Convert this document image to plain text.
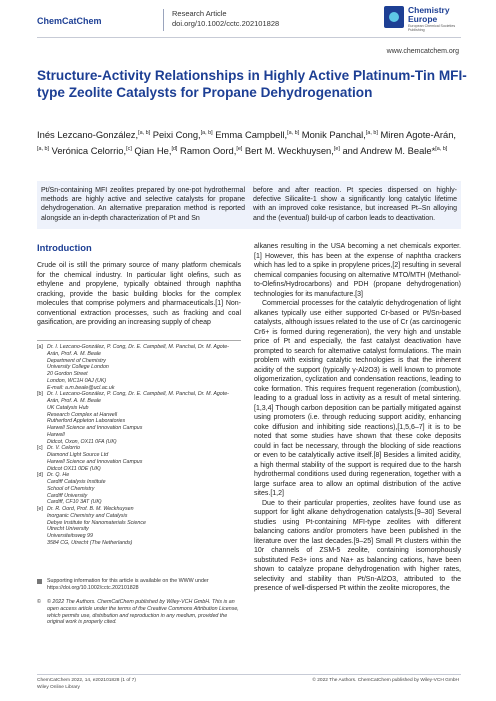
ChemCatChem
Research Article
doi.org/10.1002/cctc.202101828
Chemistry
Europe
European Chemical Societies Publishing
www.chemcatchem.org
Structure-Activity Relationships in Highly Active Platinum-Tin MFI-type Zeolite Catalysts for Propane Dehydrogenation
Inés Lezcano-González,[a, b] Peixi Cong,[a, b] Emma Campbell,[a, b] Monik Panchal,[a, b] Miren Agote-Arán,[a, b] Verónica Celorrio,[c] Qian He,[d] Ramon Oord,[e] Bert M. Weckhuysen,[e] and Andrew M. Beale*[a, b]
Pt/Sn-containing MFI zeolites prepared by one-pot hydrothermal methods are highly active and selective catalysts for propane dehydrogenation. An alternative preparation method is reported alongside an in-depth characterization of Pt and Sn
before and after reaction. Pt species dispersed on highly-defective Silicalite-1 show a significantly long catalytic lifetime with an improved coke resistance, but increased Pt–Sn alloying and the (eventual) build-up of carbon leads to deactivation.
Introduction

Crude oil is still the primary source of many platform chemicals for the chemical industry. In particular light olefins, such as ethylene and propylene, typically obtained through naphtha cracking, provide the basic building blocks for the complex molecules that comprise polymers and pharmaceuticals.[1] Non-conventional extraction processes, such as fracking and coal gasification, are providing an increasing supply of cheap

alkanes resulting in the USA becoming a net chemicals exporter.[1] However, this has been at the expense of naphtha crackers which has led to a spike in propylene prices,[2] resulting in several chemical companies focusing on alternative MTO/MTH (Methanol-to-Olefins/Hydrocarbons) and PDH (propane dehydrogenation) technologies for its manufacture.[3]

Commercial processes for the catalytic dehydrogenation of light alkanes typically use either supported Cr-based or Pt/Sn-based catalysts, although issues related to the use of Cr (as carcinogenic Cr6+ is formed during regeneration), the very high and unstable price of Pt and especially, the fast catalyst deactivation have prompted to search for alternative catalyst formulations. The main problem with existing catalytic technologies is that the inherent acidity of the support (typically γ-Al2O3) is well known to promote oligomerization, cyclization and condensation reactions, leading to coke formation. This requires frequent regeneration (combustion), leading to a gradual loss in activity as a result of metal sintering.[1,3,4] Though carbon deposition can be partially mitigated against using promoters (i.e. through reducing support acidity, enhancing coke diffusion and inhibiting side reactions),[1,5,6–7] it is to be noted that some studies have shown that these coke deposits could in fact be necessary, through the blocking of side reactions or even to be catalytically active itself.[8] Besides a limited acidity, a high thermal stability of the support is required due to the harsh hydrothermal conditions used during regeneration, together with a large surface area to allow an optimal distribution of the active sites.[1,2]

Due to their particular properties, zeolites have found use as support for light alkane dehydrogenation catalysts.[9–30] Several studies using Pt-containing MFI-type zeolites with different balancing cations and/or promoters have been published in the literature over the last decades.[9–25] Small Pt clusters within the 10r channels of ZSM-5 zeolite, containing isomorphously substituted Fe3+ ions and Na+ as balancing cations, have been shown to catalyze propane dehydrogenation with higher rates, selectivity and stability than Pt/Sn-Al2O3, attributed to the presence of well-dispersed Pt within the zeolite micropores, the

[a] Dr. I. Lezcano-González, P. Cong, Dr. E. Campbell, M. Panchal, Dr. M. Agote-
Arán, Prof. A. M. Beale
Department of Chemistry
University College London
20 Gordon Street
London, WC1H 0AJ (UK)
E-mail: a.m.beale@ucl.ac.uk
[b] Dr. I. Lezcano-González, P. Cong, Dr. E. Campbell, M. Panchal, Dr. M. Agote-
Arán, Prof. A. M. Beale
UK Catalysis Hub
Research Complex at Harwell
Rutherford Appleton Laboratories
Harwell Science and Innovation Campus
Harwell
Didcot, Oxon, OX11 0FA (UK)
[c] Dr. V. Celorrio
Diamond Light Source Ltd
Harwell Science and Innovation Campus
Didcot OX11 0DE (UK)
[d] Dr. Q. He
Cardiff Catalysis Institute
School of Chemistry
Cardiff University
Cardiff, CF10 3AT (UK)
[e] Dr. R. Oord, Prof. B. M. Weckhuysen
Inorganic Chemistry and Catalysis
Debye Institute for Nanomaterials Science
Utrecht University
Universiteitsweg 99
3584 CG, Utrecht (The Netherlands)
Supporting information for this article is available on the WWW under https://doi.org/10.1002/cctc.202101828
©	© 2022 The Authors. ChemCatChem published by Wiley-VCH GmbH. This is an open access article under the terms of the Creative Commons Attribution License, which permits use, distribution and reproduction in any medium, provided the original work is properly cited.
ChemCatChem 2022, 14, e202101828 (1 of 7)	© 2022 The Authors. ChemCatChem published by Wiley-VCH GmbH
Wiley Online Library
